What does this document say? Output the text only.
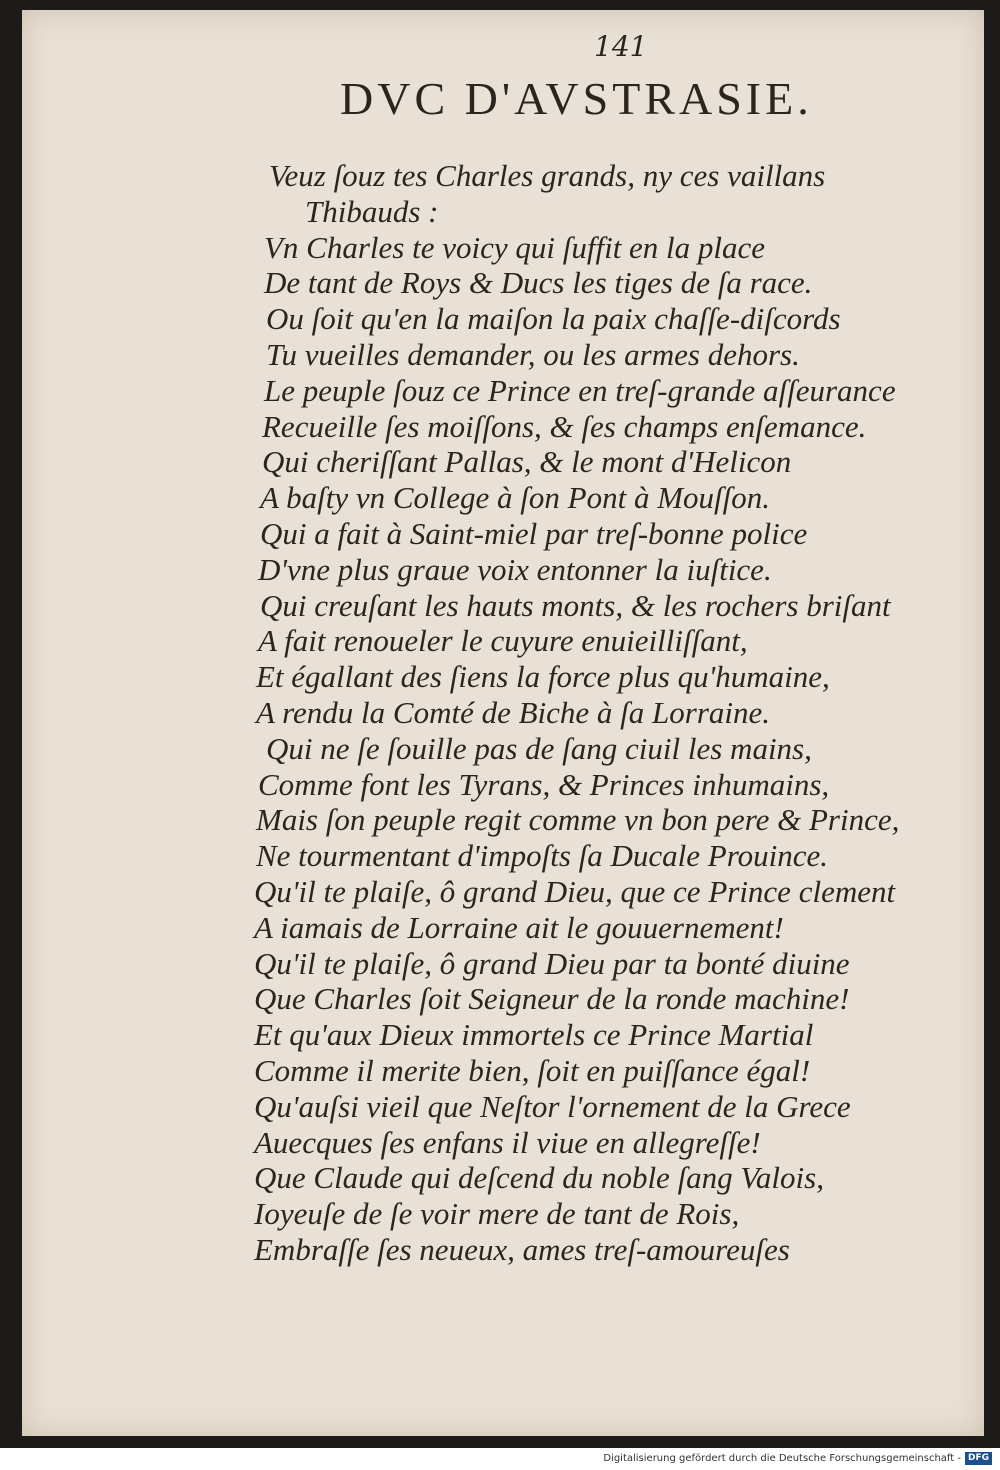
141
DVC D'AVSTRASIE.
Veuz ſouz tes Charles grands, ny ces vaillans
Thibauds :
Vn Charles te voicy qui ſuffit en la place
De tant de Roys & Ducs les tiges de ſa race.
Ou ſoit qu'en la maiſon la paix chaſſe-diſcords
Tu vueilles demander, ou les armes dehors.
Le peuple ſouz ce Prince en treſ-grande aſſeurance
Recueille ſes moiſſons, & ſes champs enſemance.
Qui cheriſſant Pallas, & le mont d'Helicon
A baſty vn College à ſon Pont à Mouſſon.
Qui a fait à Saint-miel par treſ-bonne police
D'vne plus graue voix entonner la iuſtice.
Qui creuſant les hauts monts, & les rochers briſant
A fait renoueler le cuyure enuieilliſſant,
Et égallant des ſiens la force plus qu'humaine,
A rendu la Comté de Biche à ſa Lorraine.
Qui ne ſe ſouille pas de ſang ciuil les mains,
Comme font les Tyrans, & Princes inhumains,
Mais ſon peuple regit comme vn bon pere & Prince,
Ne tourmentant d'impoſts ſa Ducale Prouince.
Qu'il te plaiſe, ô grand Dieu, que ce Prince clement
A iamais de Lorraine ait le gouuernement!
Qu'il te plaiſe, ô grand Dieu par ta bonté diuine
Que Charles ſoit Seigneur de la ronde machine!
Et qu'aux Dieux immortels ce Prince Martial
Comme il merite bien, ſoit en puiſſance égal!
Qu'auſsi vieil que Neſtor l'ornement de la Grece
Auecques ſes enfans il viue en allegreſſe!
Que Claude qui deſcend du noble ſang Valois,
Ioyeuſe de ſe voir mere de tant de Rois,
Embraſſe ſes neueux, ames treſ-amoureuſes
Digitalisierung gefördert durch die Deutsche Forschungsgemeinschaft - DFG
